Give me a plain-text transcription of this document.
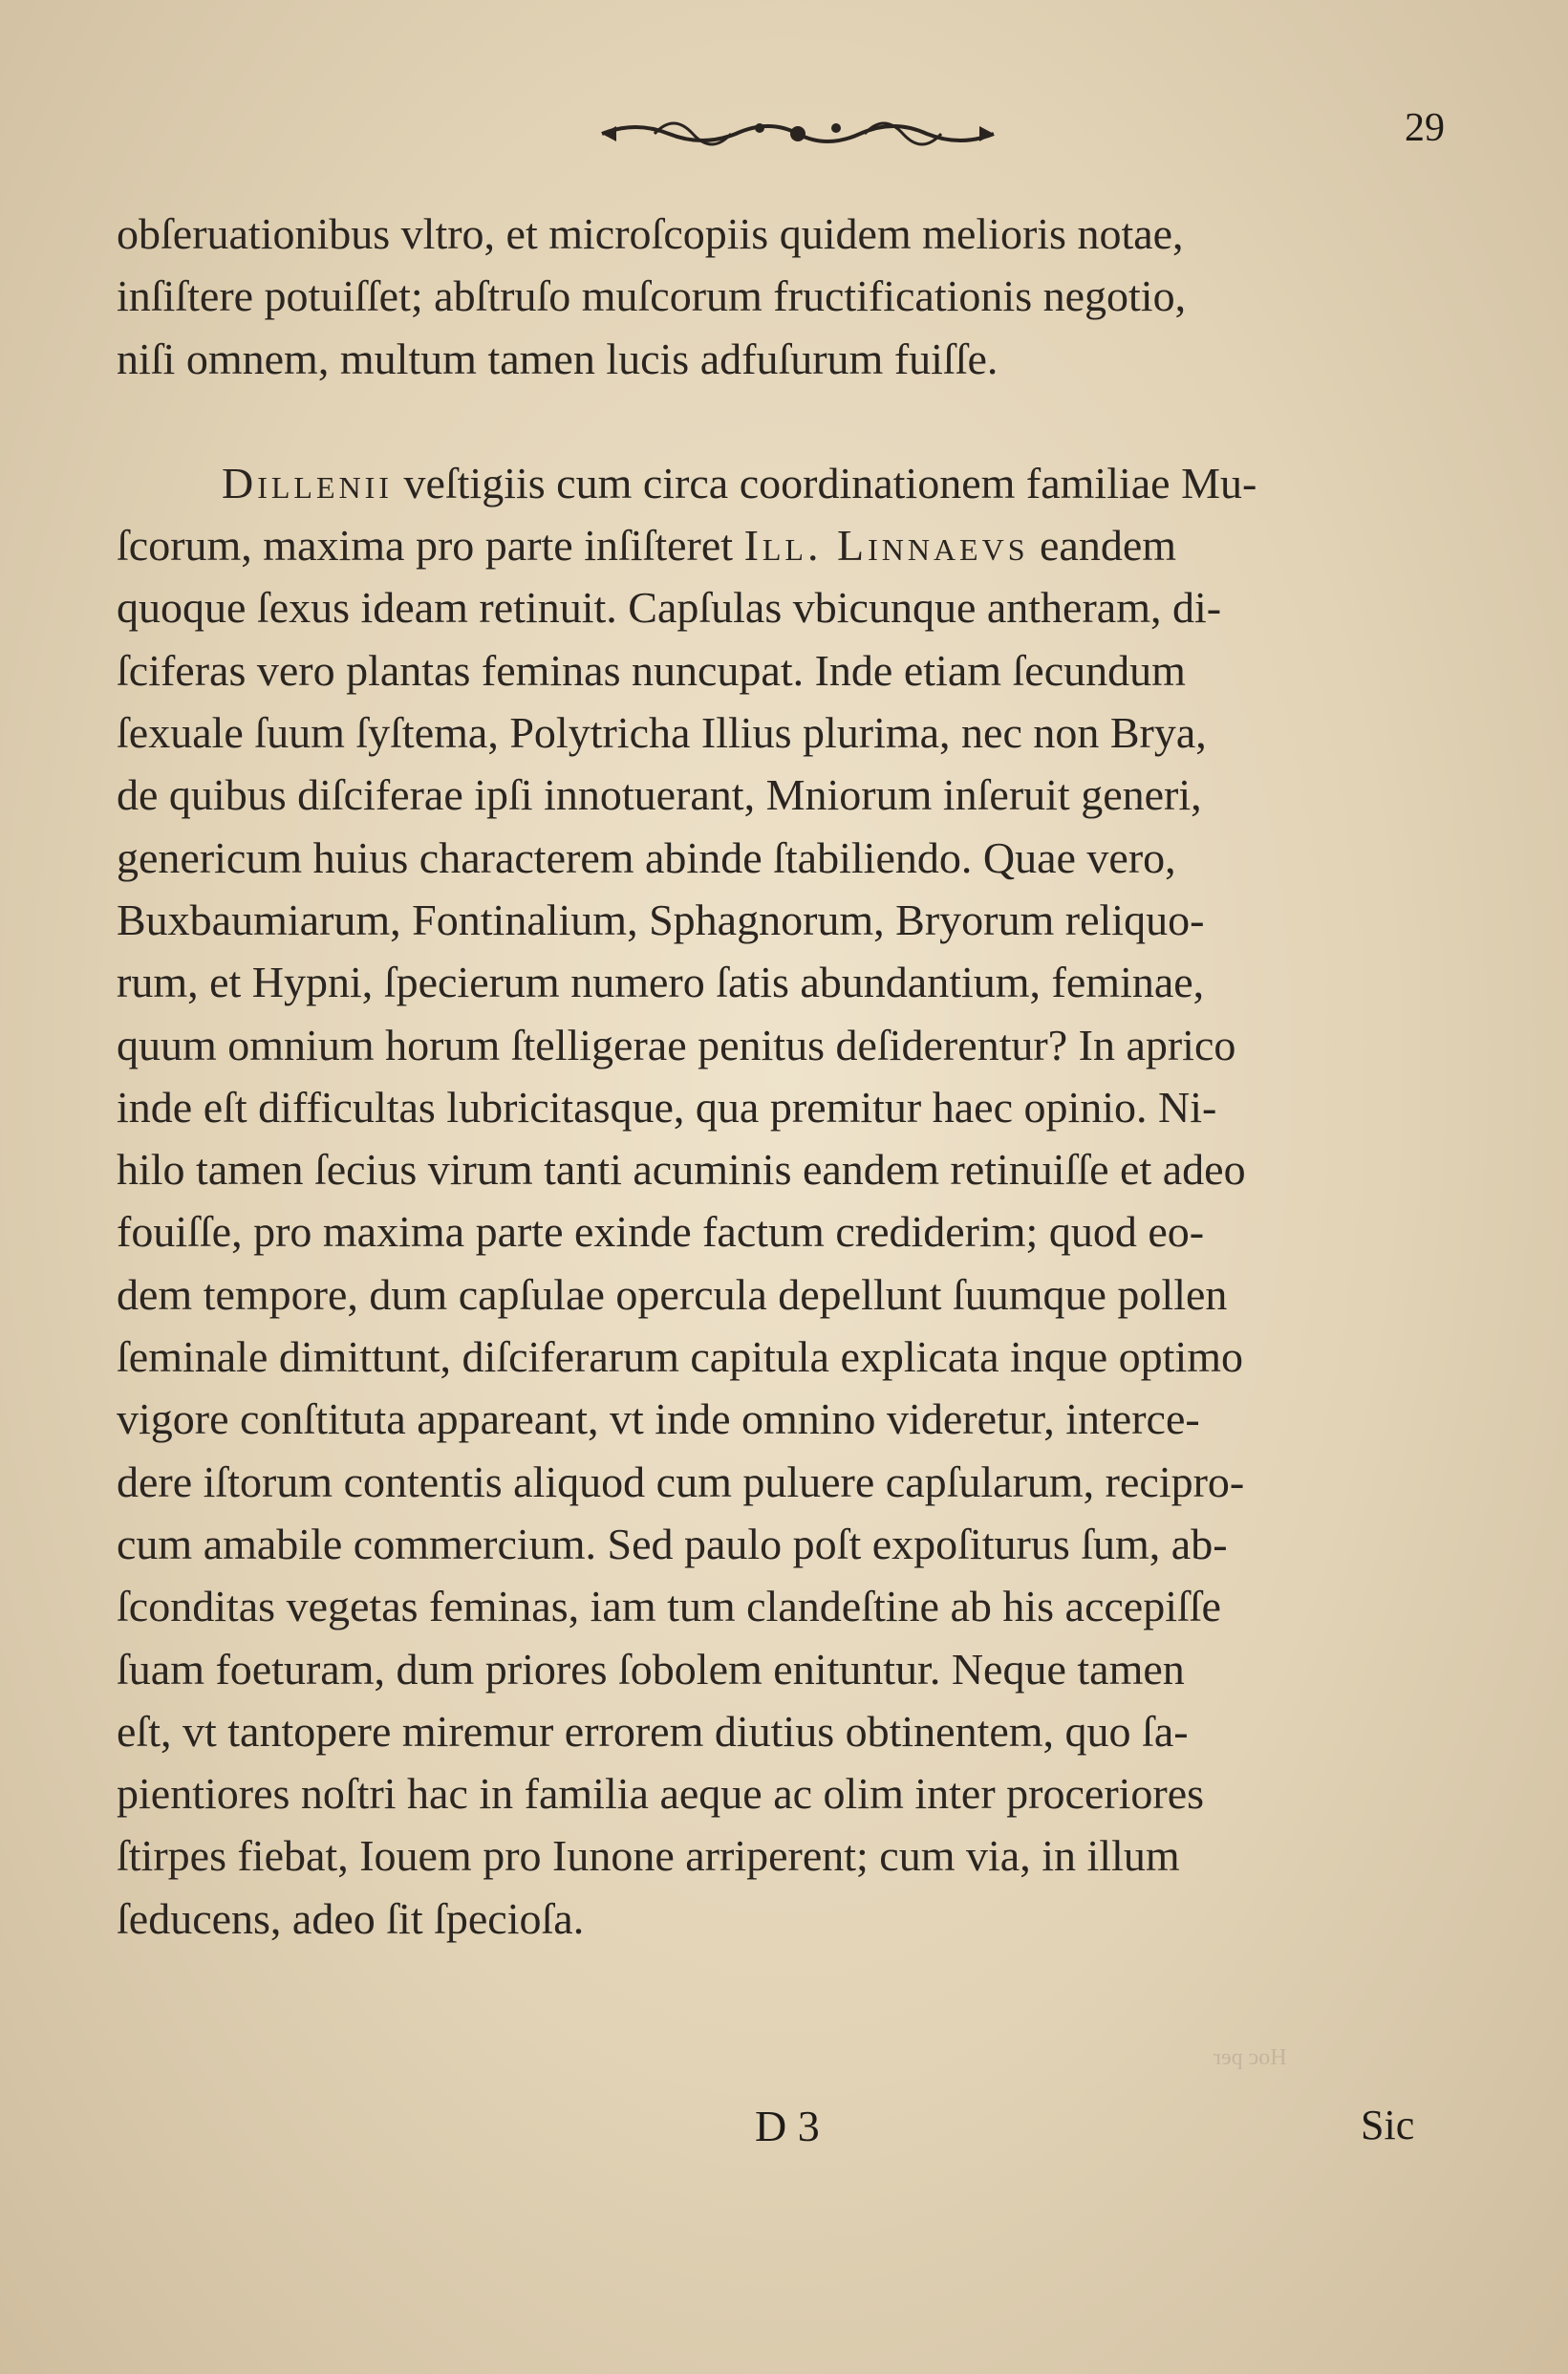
29
obſeruationibus vltro, et microſcopiis quidem melioris notae,
inſiſtere potuiſſet; abſtruſo muſcorum fructificationis negotio,
niſi omnem, multum tamen lucis adfuſurum fuiſſe.
Dillenii veſtigiis cum circa coordinationem familiae Mu-
ſcorum, maxima pro parte inſiſteret Ill. Linnaevs eandem
quoque ſexus ideam retinuit. Capſulas vbicunque antheram, di-
ſciferas vero plantas feminas nuncupat. Inde etiam ſecundum
ſexuale ſuum ſyſtema, Polytricha Illius plurima, nec non Brya,
de quibus diſciferae ipſi innotuerant, Mniorum inſeruit generi,
genericum huius characterem abinde ſtabiliendo. Quae vero,
Buxbaumiarum, Fontinalium, Sphagnorum, Bryorum reliquo-
rum, et Hypni, ſpecierum numero ſatis abundantium, feminae,
quum omnium horum ſtelligerae penitus deſiderentur? In aprico
inde eſt difficultas lubricitasque, qua premitur haec opinio. Ni-
hilo tamen ſecius virum tanti acuminis eandem retinuiſſe et adeo
fouiſſe, pro maxima parte exinde factum crediderim; quod eo-
dem tempore, dum capſulae opercula depellunt ſuumque pollen
ſeminale dimittunt, diſciferarum capitula explicata inque optimo
vigore conſtituta appareant, vt inde omnino videretur, interce-
dere iſtorum contentis aliquod cum puluere capſularum, recipro-
cum amabile commercium. Sed paulo poſt expoſiturus ſum, ab-
ſconditas vegetas feminas, iam tum clandeſtine ab his accepiſſe
ſuam foeturam, dum priores ſobolem enituntur. Neque tamen
eſt, vt tantopere miremur errorem diutius obtinentem, quo ſa-
pientiores noſtri hac in familia aeque ac olim inter proceriores
ſtirpes fiebat, Iouem pro Iunone arriperent; cum via, in illum
ſeducens, adeo ſit ſpecioſa.
Hoc per
D 3	Sic
